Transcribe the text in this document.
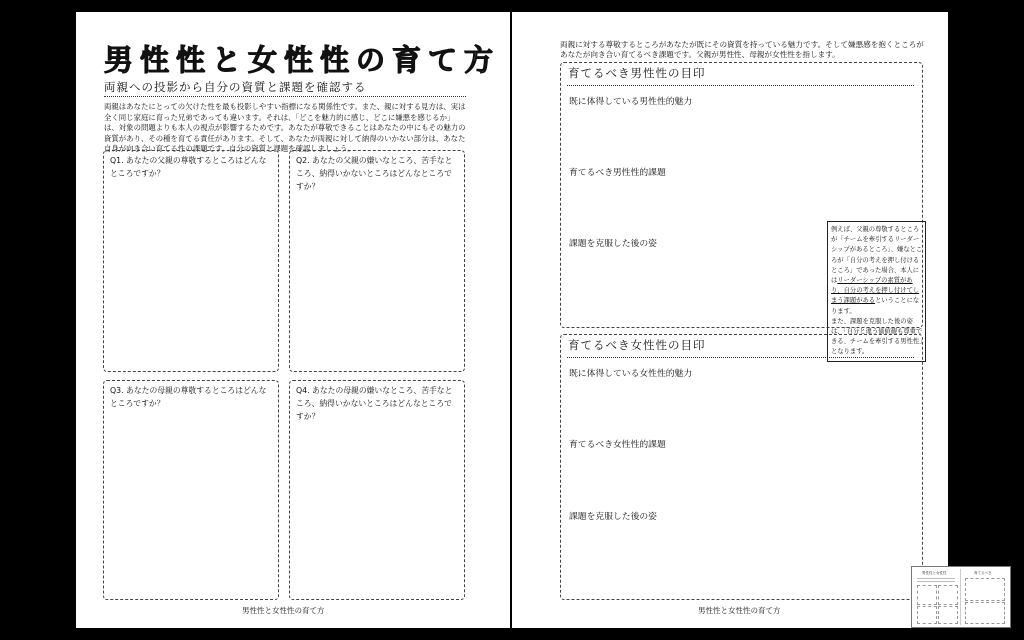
男性性と女性性の育て方
両親への投影から自分の資質と課題を確認する
両親はあなたにとっての欠けた性を最も投影しやすい指標になる関係性です。また、親に対する見方は、実は全く同じ家庭に育った兄弟であっても違います。それは、「どこを魅力的に感じ、どこに嫌悪を感じるか」は、対象の問題よりも本人の視点が影響するためです。あなたが尊敬できることはあなたの中にもその魅力の資質があり、その種を育てる責任があります。そして、あなたが両親に対して納得のいかない部分は、あなた自身が向き合い育てる性の課題です。自分の資質と課題を確認しましょう。
Q1. あなたの父親の尊敬するところはどんなところですか？
Q2. あなたの父親の嫌いなところ、苦手なところ、納得いかないところはどんなところですか？
Q3. あなたの母親の尊敬するところはどんなところですか？
Q4. あなたの母親の嫌いなところ、苦手なところ、納得いかないところはどんなところですか？
男性性と女性性の育て方
両親に対する尊敬するところがあなたが既にその資質を持っている魅力です。そして嫌悪感を抱くところがあなたが向き合い育てるべき課題です。父親が男性性、母親が女性性を指します。
育てるべき男性性の目印
既に体得している男性性的魅力
育てるべき男性性的課題
課題を克服した後の姿

例えば、父親の尊敬するところが「チームを牽引するリーダーシップがあるところ」、嫌なところが「自分の考えを押し付けるところ」であった場合、本人にはリーダーシップの素質があり、自分の考えを押し付けてしまう課題があるということになります。

また、課題を克服した後の姿は、「自分と違う価値観も尊重できる、チームを牽引する男性性」となります。

育てるべき女性性の目印
既に体得している女性性的魅力
育てるべき女性性的課題
課題を克服した後の姿
男性性と女性性の育て方
男性性と女性性	育てるべき
